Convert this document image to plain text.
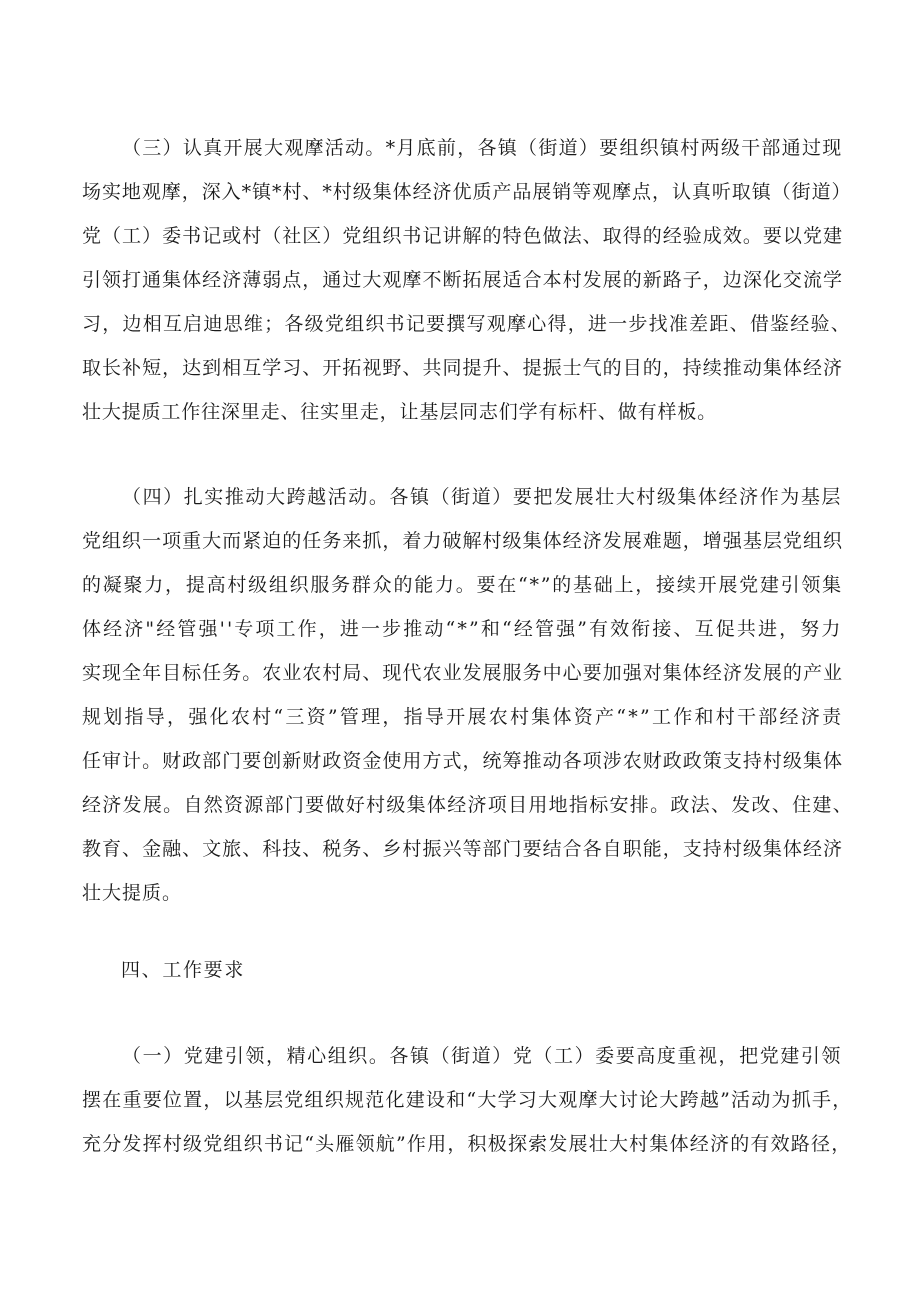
（三）认真开展大观摩活动。*月底前，各镇（街道）要组织镇村两级干部通过现

场实地观摩，深入*镇*村、*村级集体经济优质产品展销等观摩点，认真听取镇（街道）

党（工）委书记或村（社区）党组织书记讲解的特色做法、取得的经验成效。要以党建

引领打通集体经济薄弱点，通过大观摩不断拓展适合本村发展的新路子，边深化交流学

习，边相互启迪思维；各级党组织书记要撰写观摩心得，进一步找准差距、借鉴经验、

取长补短，达到相互学习、开拓视野、共同提升、提振士气的目的，持续推动集体经济

壮大提质工作往深里走、往实里走，让基层同志们学有标杆、做有样板。

（四）扎实推动大跨越活动。各镇（街道）要把发展壮大村级集体经济作为基层

党组织一项重大而紧迫的任务来抓，着力破解村级集体经济发展难题，增强基层党组织

的凝聚力，提高村级组织服务群众的能力。要在“*”的基础上，接续开展党建引领集

体经济"经管强''专项工作，进一步推动“*”和“经管强”有效衔接、互促共进，努力

实现全年目标任务。农业农村局、现代农业发展服务中心要加强对集体经济发展的产业

规划指导，强化农村“三资”管理，指导开展农村集体资产“*”工作和村干部经济责

任审计。财政部门要创新财政资金使用方式，统筹推动各项涉农财政政策支持村级集体

经济发展。自然资源部门要做好村级集体经济项目用地指标安排。政法、发改、住建、

教育、金融、文旅、科技、税务、乡村振兴等部门要结合各自职能，支持村级集体经济

壮大提质。

四、工作要求

（一）党建引领，精心组织。各镇（街道）党（工）委要高度重视，把党建引领

摆在重要位置，以基层党组织规范化建设和“大学习大观摩大讨论大跨越”活动为抓手，

充分发挥村级党组织书记“头雁领航”作用，积极探索发展壮大村集体经济的有效路径，
